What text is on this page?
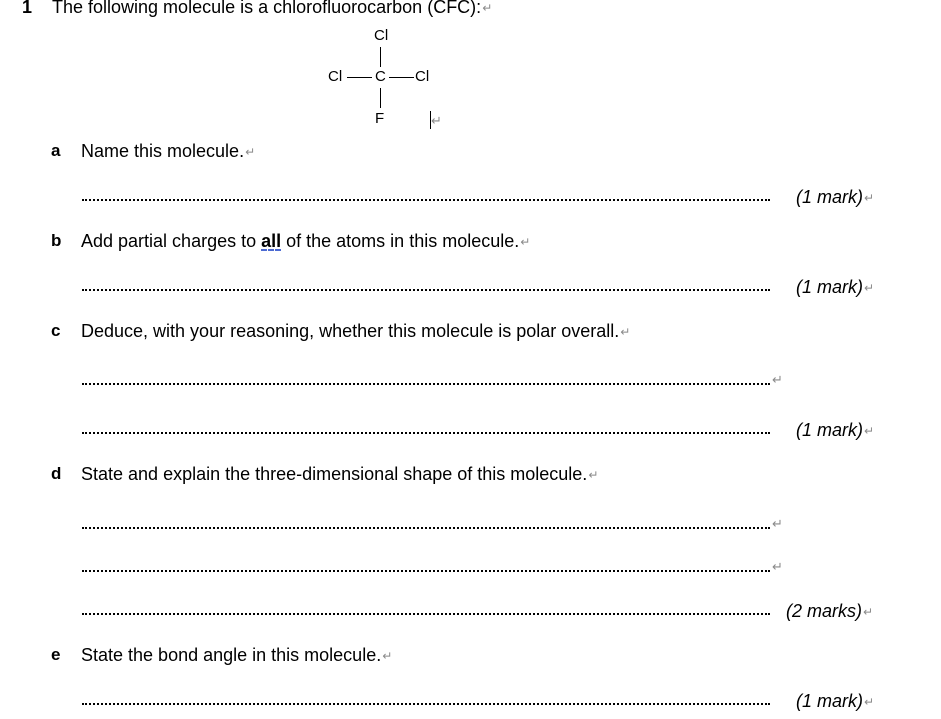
1 The following molecule is a chlorofluorocarbon (CFC):↵
Cl
Cl C Cl
F	↵
a Name this molecule.↵
(1 mark)↵
b Add partial charges to all of the atoms in this molecule.↵
(1 mark)↵
c Deduce, with your reasoning, whether this molecule is polar overall.↵
↵
(1 mark)↵
d State and explain the three-dimensional shape of this molecule.↵
↵
↵
(2 marks)↵
e State the bond angle in this molecule.↵
(1 mark)↵
